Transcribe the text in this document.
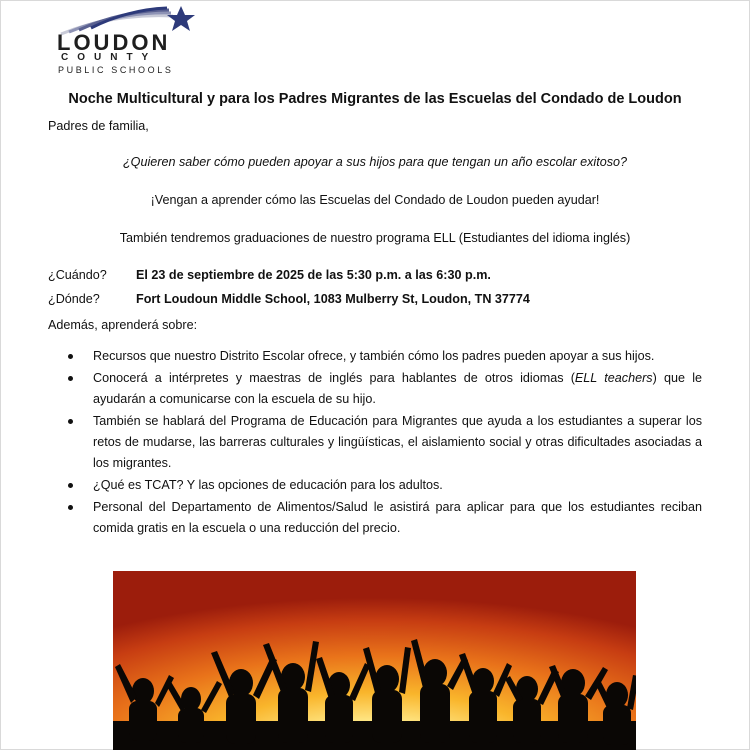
LOUDON
COUNTY
PUBLIC SCHOOLS
Noche Multicultural y para los Padres Migrantes de las Escuelas del Condado de Loudon
Padres de familia,
¿Quieren saber cómo pueden apoyar a sus hijos para que tengan un año escolar exitoso?
¡Vengan a aprender cómo las Escuelas del Condado de Loudon pueden ayudar!
También tendremos graduaciones de nuestro programa ELL (Estudiantes del idioma inglés)
¿Cuándo? El 23 de septiembre de 2025 de las 5:30 p.m. a las 6:30 p.m.
¿Dónde?	Fort Loudoun Middle School, 1083 Mulberry St, Loudon, TN 37774
Además, aprenderá sobre:
Recursos que nuestro Distrito Escolar ofrece, y también cómo los padres pueden apoyar a sus hijos.
Conocerá a intérpretes y maestras de inglés para hablantes de otros idiomas (ELL teachers) que le ayudarán a comunicarse con la escuela de su hijo.
También se hablará del Programa de Educación para Migrantes que ayuda a los estudiantes a superar los retos de mudarse, las barreras culturales y lingüísticas, el aislamiento social y otras dificultades asociadas a los migrantes.
¿Qué es TCAT? Y las opciones de educación para los adultos.
Personal del Departamento de Alimentos/Salud le asistirá para aplicar para que los estudiantes reciban comida gratis en la escuela o una reducción del precio.
